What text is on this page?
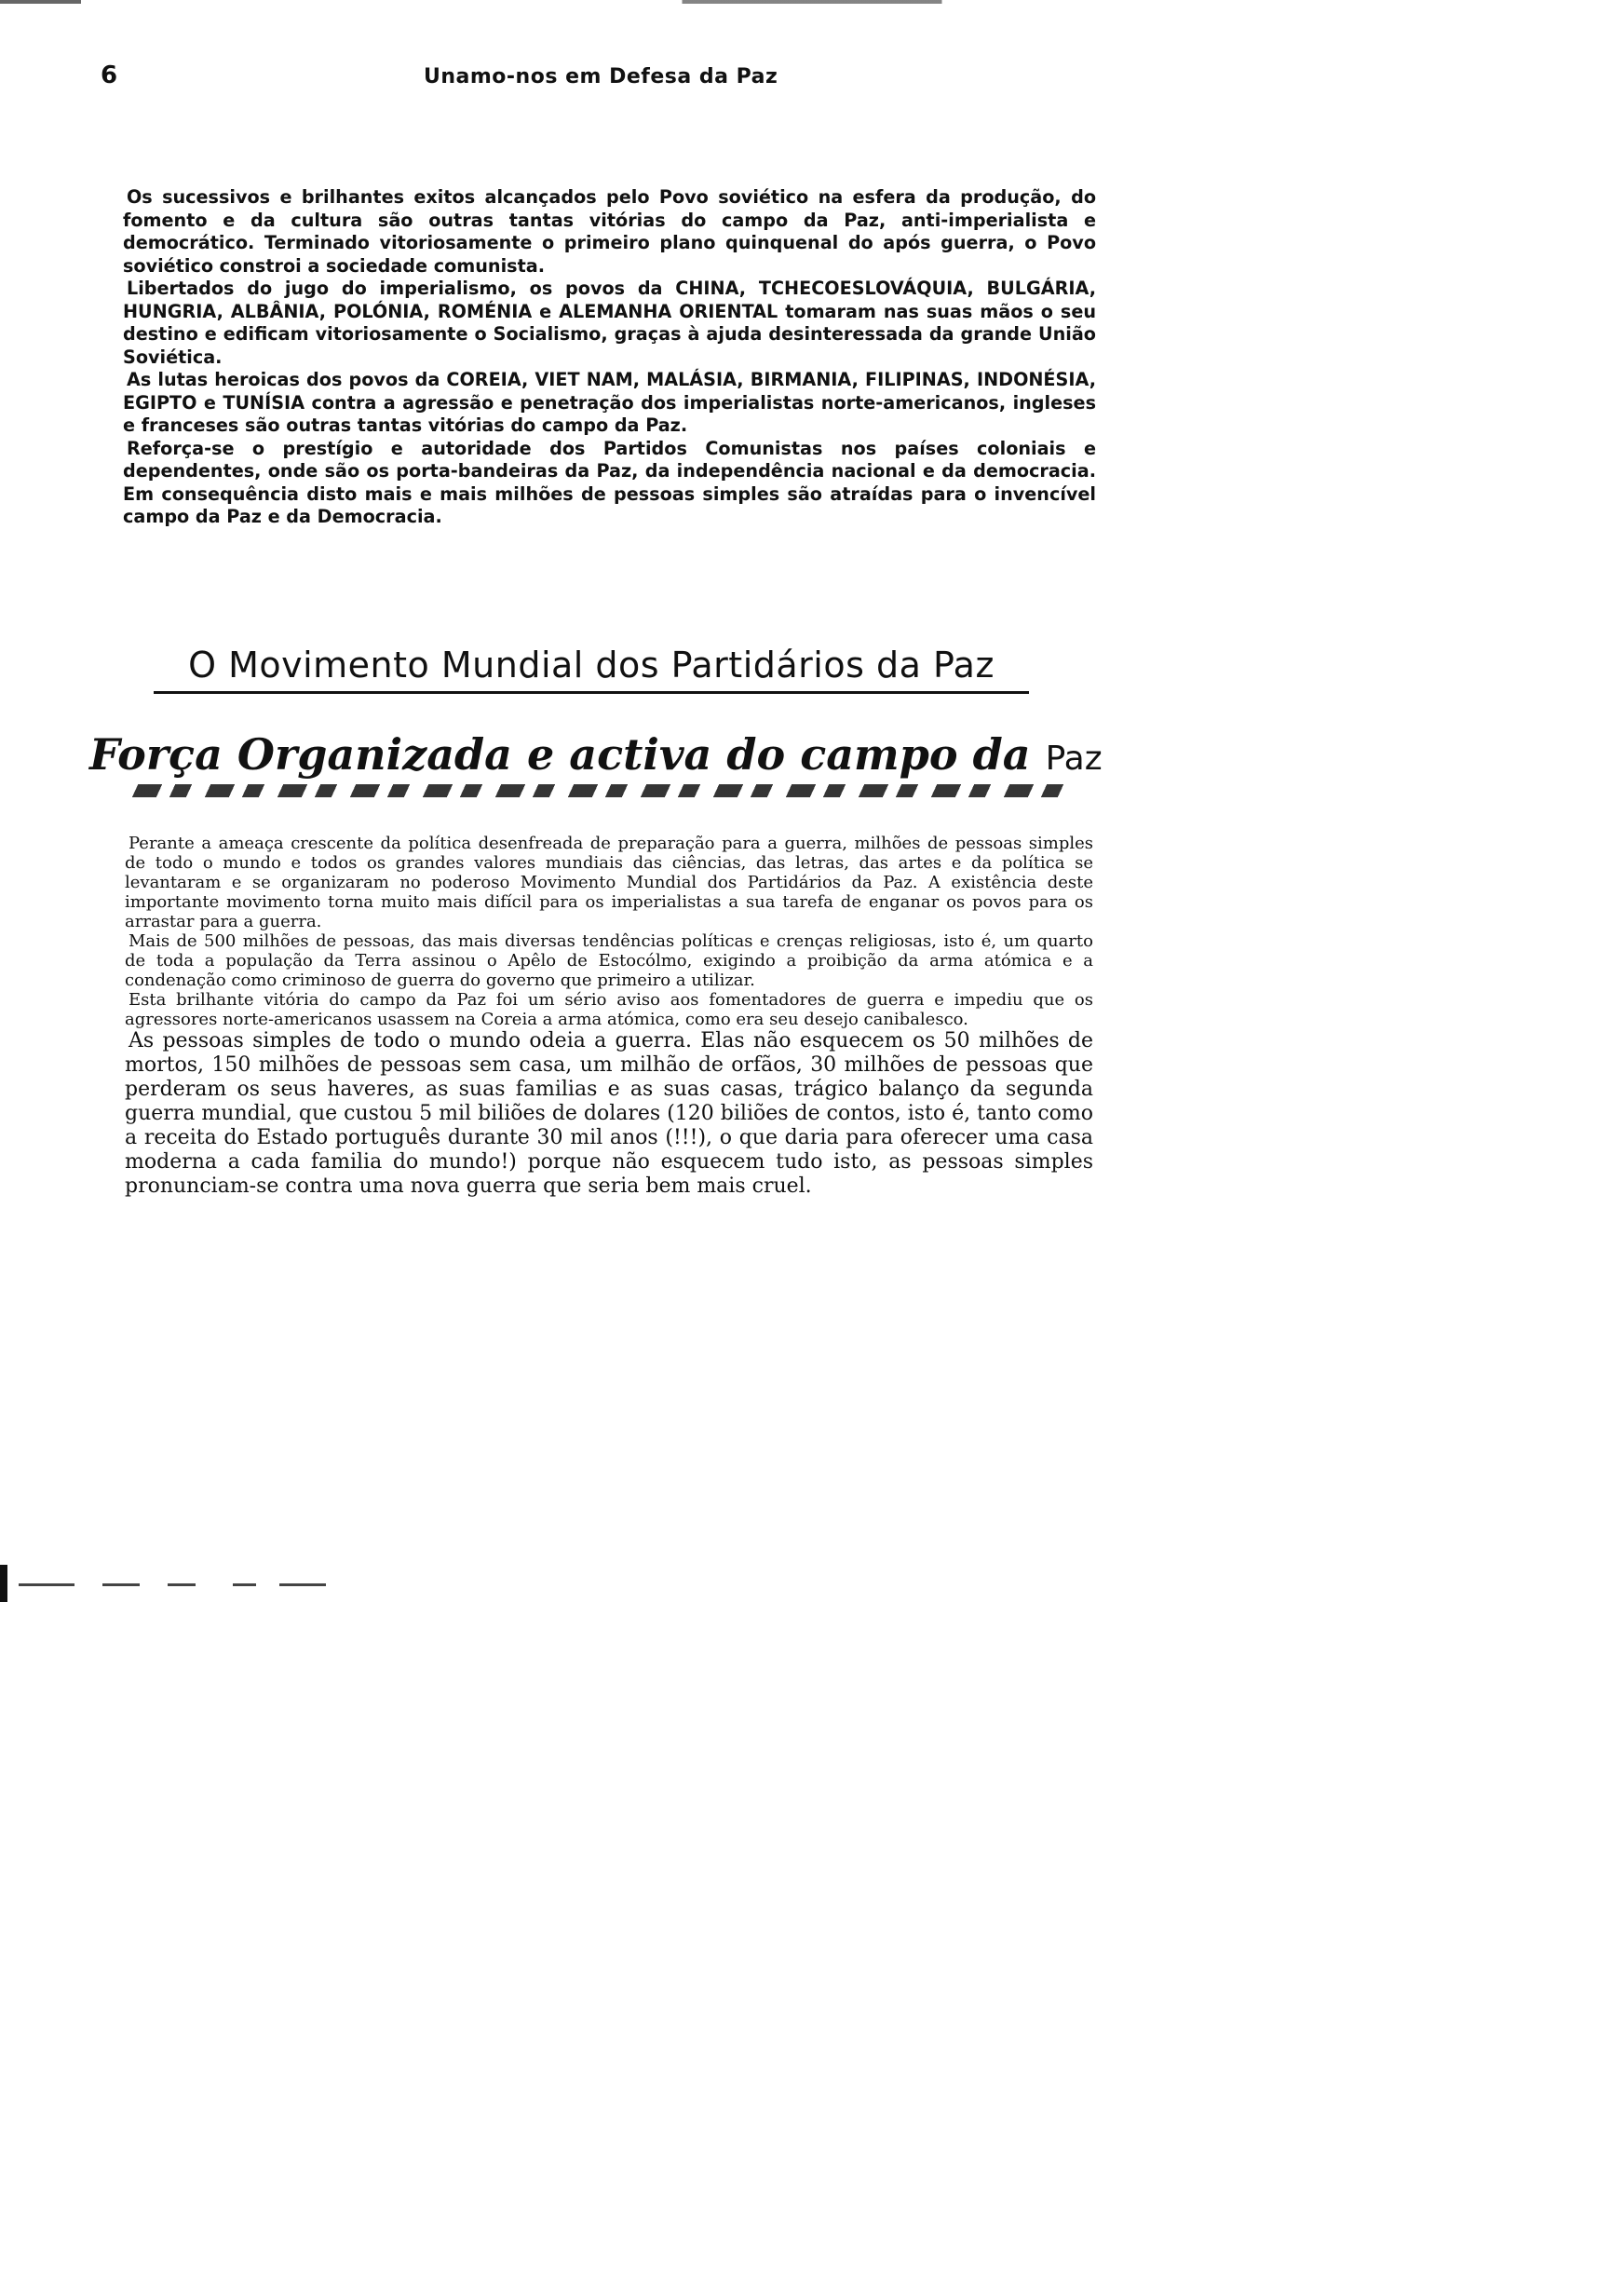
6	Unamo-nos em Defesa da Paz

Os sucessivos e brilhantes exitos alcançados pelo Povo soviético na esfera da produção, do fomento e da cultura são outras tantas vitórias do campo da Paz, anti-imperialista e democrático. Terminado vitoriosamente o primeiro plano quinquenal do após guerra, o Povo soviético constroi a sociedade comunista.

Libertados do jugo do imperialismo, os povos da CHINA, TCHECOESLOVÁQUIA, BULGÁRIA, HUNGRIA, ALBÂNIA, POLÓNIA, ROMÉNIA e ALEMANHA ORIENTAL tomaram nas suas mãos o seu destino e edificam vitoriosamente o Socialismo, graças à ajuda desinteressada da grande União Soviética.

As lutas heroicas dos povos da COREIA, VIET NAM, MALÁSIA, BIRMANIA, FILIPINAS, INDONÉSIA, EGIPTO e TUNÍSIA contra a agressão e penetração dos imperialistas norte-americanos, ingleses e franceses são outras tantas vitórias do campo da Paz.

Reforça-se o prestígio e autoridade dos Partidos Comunistas nos países coloniais e dependentes, onde são os porta-bandeiras da Paz, da independência nacional e da democracia. Em consequência disto mais e mais milhões de pessoas simples são atraídas para o invencível campo da Paz e da Democracia.

O Movimento Mundial dos Partidários da Paz
Força Organizada e activa do campo da Paz

Perante a ameaça crescente da política desenfreada de preparação para a guerra, milhões de pessoas simples de todo o mundo e todos os grandes valores mundiais das ciências, das letras, das artes e da política se levantaram e se organizaram no poderoso Movimento Mundial dos Partidários da Paz. A existência deste importante movimento torna muito mais difícil para os imperialistas a sua tarefa de enganar os povos para os arrastar para a guerra.

Mais de 500 milhões de pessoas, das mais diversas tendências políticas e crenças religiosas, isto é, um quarto de toda a população da Terra assinou o Apêlo de Estocólmo, exigindo a proibição da arma atómica e a condenação como criminoso de guerra do governo que primeiro a utilizar.

Esta brilhante vitória do campo da Paz foi um sério aviso aos fomentadores de guerra e impediu que os agressores norte-americanos usassem na Coreia a arma atómica, como era seu desejo canibalesco.

As pessoas simples de todo o mundo odeia a guerra. Elas não esquecem os 50 milhões de mortos, 150 milhões de pessoas sem casa, um milhão de orfãos, 30 milhões de pessoas que perderam os seus haveres, as suas familias e as suas casas, trágico balanço da segunda guerra mundial, que custou 5 mil biliões de dolares (120 biliões de contos, isto é, tanto como a receita do Estado português durante 30 mil anos (!!!), o que daria para oferecer uma casa moderna a cada familia do mundo!) porque não esquecem tudo isto, as pessoas simples pronunciam-se contra uma nova guerra que seria bem mais cruel.
